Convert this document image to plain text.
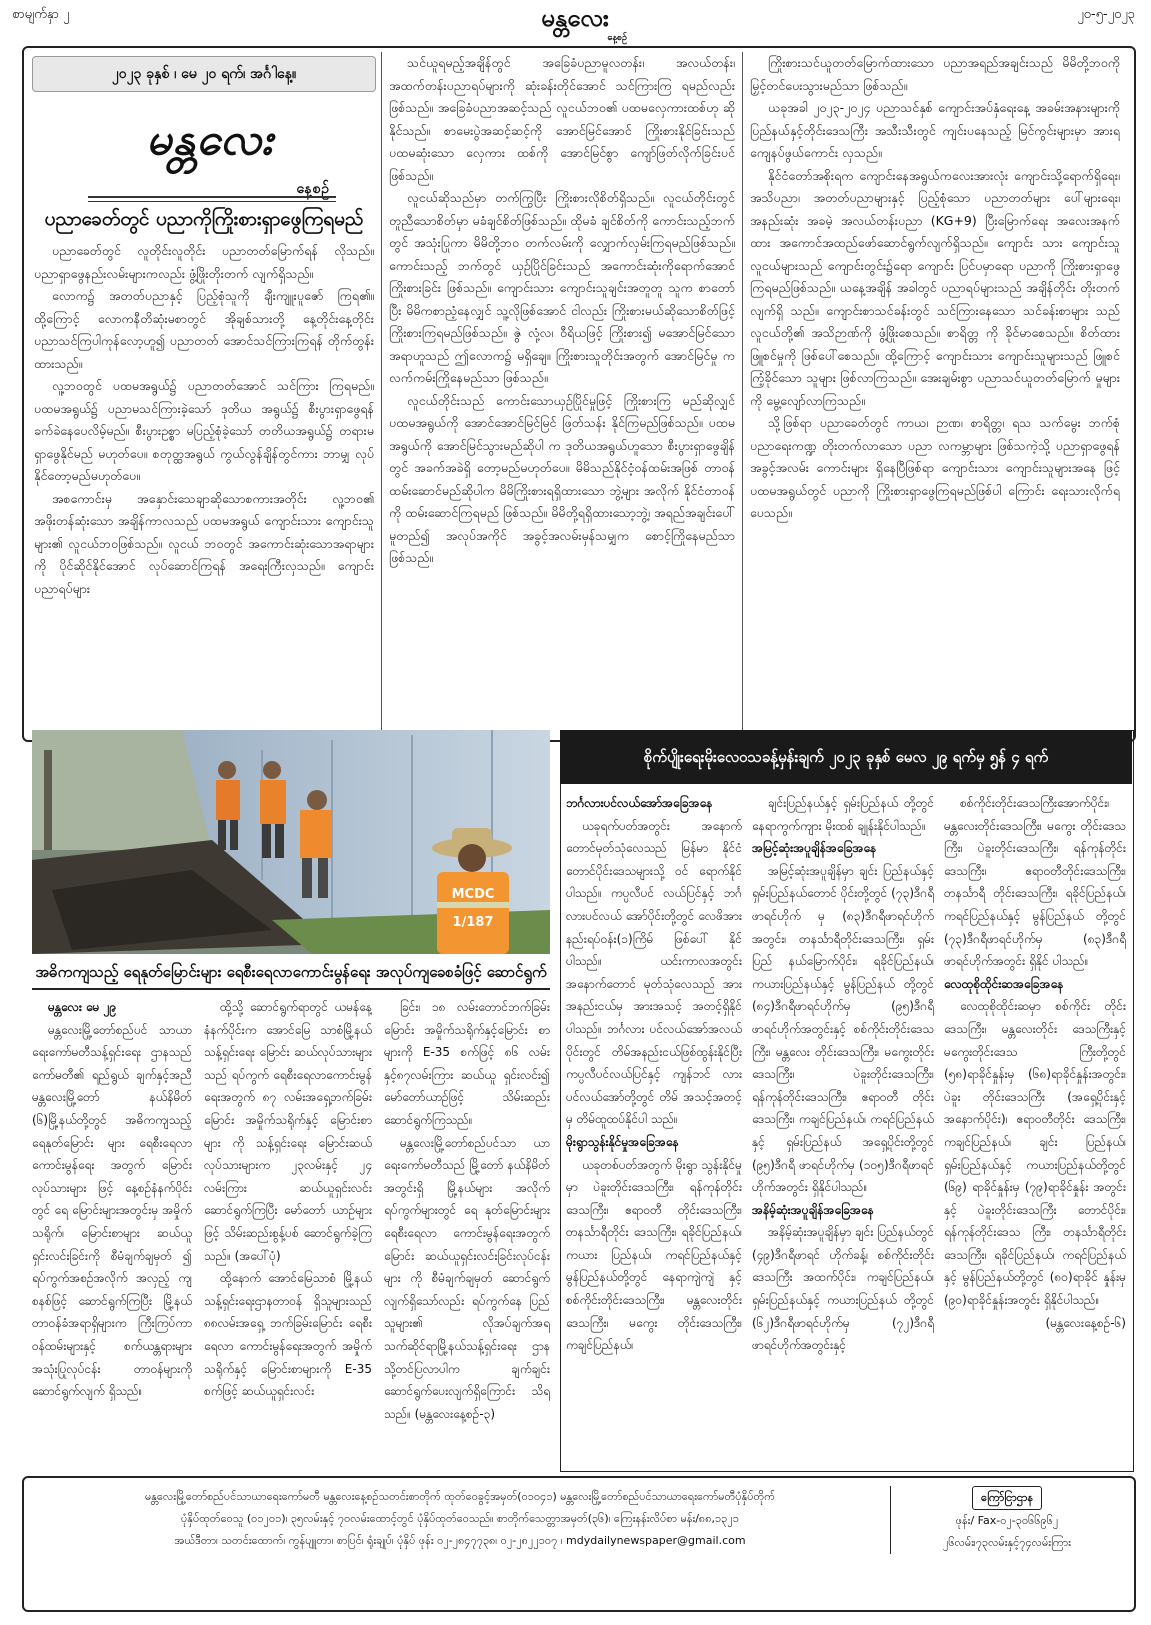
စာမျက်နှာ ၂	မန္တလေး
နေ့စဉ်
၂၀-၅-၂၀၂၃
၂၀၂၃ ခုနှစ် ၊ မေ ၂၀ ရက်၊ အင်္ဂါနေ့။
မန္တလေး
နေ့စဉ်
ပညာခေတ်တွင် ပညာကိုကြိုးစားရှာဖွေကြရမည်

ပညာခေတ်တွင် လူတိုင်းလူတိုင်း ပညာတတ်မြောက်ရန် လိုသည်။ ပညာရှာဖွေနည်းလမ်းများကလည်း ဖွံ့ဖြိုးတိုးတက် လျက်ရှိသည်။

လောက၌ အတတ်ပညာနှင့် ပြည့်စုံသူကို ချီးကျူးပူဇော် ကြရ၏။ ထို့ကြောင့် လောကနီတိဆုံးမစာတွင် အိုချစ်သားတို့ နေ့တိုင်းနေ့တိုင်း ပညာသင်ကြပါကုန်လော့ဟူ၍ ပညာတတ် အောင်သင်ကြားကြရန် တိုက်တွန်းထားသည်။

လူ့ဘဝတွင် ပထမအရွယ်၌ ပညာတတ်အောင် သင်ကြား ကြရမည်။ ပထမအရွယ်၌ ပညာမသင်ကြားခဲ့သော် ဒုတိယ အရွယ်၌ စီးပွားရှာဖွေရန် ခက်ခဲနေပေလိမ့်မည်။ စီးပွားဥစ္စာ မပြည့်စုံခဲ့သော် တတိယအရွယ်၌ တရားမရှာဖွေနိုင်မည် မဟုတ်ပေ။ စတုတ္ထအရွယ် ကွယ်လွန်ချိန်တွင်ကား ဘာမျှ လုပ်နိုင်တော့မည်မဟုတ်ပေ။

အစကောင်းမှ အနှောင်းသေချာဆိုသောစကားအတိုင်း လူ့ဘဝ၏ အဖိုးတန်ဆုံးသော အချိန်ကာလသည် ပထမအရွယ် ကျောင်းသား ကျောင်းသူများ၏ လူငယ်ဘဝဖြစ်သည်။ လူငယ် ဘဝတွင် အကောင်းဆုံးသောအရာများကို ပိုင်ဆိုင်နိုင်အောင် လုပ်ဆောင်ကြရန် အရေးကြီးလှသည်။ ကျောင်းပညာရပ်များ

သင်ယူရမည့်အချိန်တွင် အခြေခံပညာမူလတန်း၊ အလယ်တန်း၊ အထက်တန်းပညာရပ်များကို ဆုံးခန်းတိုင်အောင် သင်ကြားကြ ရမည်လည်းဖြစ်သည်။ အခြေခံပညာအဆင့်သည် လူငယ်ဘဝ၏ ပထမလှေကားထစ်ဟု ဆိုနိုင်သည်။ စာမေးပွဲအဆင့်ဆင့်ကို အောင်မြင်အောင် ကြိုးစားနိုင်ခြင်းသည် ပထမဆုံးသော လှေကား ထစ်ကို အောင်မြင်စွာ ကျော်ဖြတ်လိုက်ခြင်းပင် ဖြစ်သည်။

လူငယ်ဆိုသည်မှာ တက်ကြွပြီး ကြိုးစားလိုစိတ်ရှိသည်။ လူငယ်တိုင်းတွင် တူညီသောစိတ်မှာ မခံချင်စိတ်ဖြစ်သည်။ ထိုမခံ ချင်စိတ်ကို ကောင်းသည့်ဘက်တွင် အသုံးပြုကာ မိမိတို့ဘဝ တက်လမ်းကို လျှောက်လှမ်းကြရမည်ဖြစ်သည်။ ကောင်းသည့် ဘက်တွင် ယှဉ်ပြိုင်ခြင်းသည် အကောင်းဆုံးကိုရောက်အောင် ကြိုးစားခြင်း ဖြစ်သည်။ ကျောင်းသား ကျောင်းသူချင်းအတူတူ သူက စာတော်ပြီး မိမိကစာညံ့နေလျှင် သူ့လိုဖြစ်အောင် ငါလည်း ကြိုးစားမယ်ဆိုသောစိတ်ဖြင့် ကြိုးစားကြရမည်ဖြစ်သည်။ ဇွဲ လုံ့လ၊ ဝီရိယဖြင့် ကြိုးစား၍ မအောင်မြင်သော အရာဟူသည် ဤလောက၌ မရှိချေ။ ကြိုးစားသူတိုင်းအတွက် အောင်မြင်မှု က လက်ကမ်းကြိုနေမည်သာ ဖြစ်သည်။

လူငယ်တိုင်းသည် ကောင်းသောယှဉ်ပြိုင်မှုဖြင့် ကြိုးစားကြ မည်ဆိုလျှင် ပထမအရွယ်ကို အောင်အောင်မြင်မြင် ဖြတ်သန်း နိုင်ကြမည်ဖြစ်သည်။ ပထမအရွယ်ကို အောင်မြင်သွားမည်ဆိုပါ က ဒုတိယအရွယ်ဟူသော စီးပွားရှာဖွေချိန်တွင် အခက်အခဲရှိ တော့မည်မဟုတ်ပေ။ မိမိသည်နိုင်ငံ့ဝန်ထမ်းအဖြစ် တာဝန် ထမ်းဆောင်မည်ဆိုပါက မိမိကြိုးစားရရှိထားသော ဘွဲ့များ အလိုက် နိုင်ငံတာဝန်ကို ထမ်းဆောင်ကြရမည် ဖြစ်သည်။ မိမိတို့ရရှိထားသော့ဘွဲ့၊ အရည်အချင်းပေါ်မူတည်၍ အလုပ်အကိုင် အခွင့်အလမ်းမှန်သမျှက စောင့်ကြိုနေမည်သာ ဖြစ်သည်။

ကြိုးစားသင်ယူတတ်မြောက်ထားသော ပညာအရည်အချင်းသည် မိမိတို့ဘဝကို မြှင့်တင်ပေးသွားမည်သာ ဖြစ်သည်။

ယခုအခါ ၂၀၂၃-၂၀၂၄ ပညာသင်နှစ် ကျောင်းအပ်နှံရေးနေ့ အခမ်းအနားများကို ပြည်နယ်နှင့်တိုင်းဒေသကြီး အသီးသီးတွင် ကျင်းပနေသည့် မြင်ကွင်းများမှာ အားရကျေနပ်ဖွယ်ကောင်း လှသည်။

နိုင်ငံတော်အစိုးရက ကျောင်းနေအရွယ်ကလေးအားလုံး ကျောင်းသို့ရောက်ရှိရေး၊ အသိပညာ၊ အတတ်ပညာများနှင့် ပြည့်စုံသော ပညာတတ်များ ပေါ်များရေး၊ အနည်းဆုံး အခမဲ့ အလယ်တန်းပညာ (KG+9) ပြီးမြောက်ရေး အလေးအနက် ထား အကောင်အထည်ဖော်ဆောင်ရွက်လျက်ရှိသည်။ ကျောင်း သား ကျောင်းသူလူငယ်များသည် ကျောင်းတွင်း၌ရော ကျောင်း ပြင်ပမှာရော ပညာကို ကြိုးစားရှာဖွေကြရမည်ဖြစ်သည်။ ယနေ့အချိန် အခါတွင် ပညာရပ်များသည် အချိန်တိုင်း တိုးတက်လျက်ရှိ သည်။ ကျောင်းစာသင်ခန်းတွင် သင်ကြားနေသော သင်ခန်းစာများ သည် လူငယ်တို့၏ အသိဉာဏ်ကို ဖွံ့ဖြိုးစေသည်။ စာရိတ္တ ကို ခိုင်မာစေသည်။ စိတ်ထားဖြူစင်မှုကို ဖြစ်ပေါ်စေသည်။ ထို့ကြောင့် ကျောင်းသား ကျောင်းသူများသည် ဖြူစင်ကြံ့ခိုင်သော သူများ ဖြစ်လာကြသည်။ အေးချမ်းစွာ ပညာသင်ယူတတ်မြောက် မှုများကို မွေ့လျော်လာကြသည်။

သို့ဖြစ်ရာ ပညာခေတ်တွင် ကာယ၊ ဉာဏ၊ စာရိတ္တ၊ ရသ သက်မွေး ဘက်စုံပညာရေးကဏ္ဍ တိုးတက်လာသော ပညာ လကမ္ဘာများ ဖြစ်သကဲ့သို့ ပညာရှာဖွေရန် အခွင့်အလမ်း ကောင်းများ ရှိနေပြီဖြစ်ရာ ကျောင်းသား ကျောင်းသူများအနေ ဖြင့် ပထမအရွယ်တွင် ပညာကို ကြိုးစားရှာဖွေကြရမည်ဖြစ်ပါ ကြောင်း ရေးသားလိုက်ရပေသည်။

MCDC
1/187
အဓိကကျသည့် ရေနုတ်မြောင်းများ ရေစီးရေလာကောင်းမွန်ရေး အလုပ်ကျခေစခံဖြင့် ဆောင်ရွက်

မန္တလေး မေ ၂၉

မန္တလေးမြို့တော်စည်ပင် သာယာရေးကော်မတီသန့်ရှင်းရေး ဌာနသည် ကော်မတီ၏ ရည်ရွယ် ချက်နှင့်အညီ မန္တလေးမြို့တော် နယ်နိမိတ် (၆)မြို့နယ်တို့တွင် အဓိကကျသည့် ရေနုတ်မြောင်း များ ရေစီးရေလာကောင်းမွန်ရေး အတွက် မြောင်းလုပ်သားများ ဖြင့် နေ့စဉ်နံနက်ပိုင်းတွင် ရေ မြောင်းများအတွင်းမှ အမှိုက် သရိုက်၊ မြောင်းစာများ ဆယ်ယူ ရှင်းလင်းခြင်းကို စီမံချက်ချမှတ် ၍ ရပ်ကွက်အစဉ်အလိုက် အလှည့် ကျစနစ်ဖြင့် ဆောင်ရွက်ကြပြီး မြို့နယ်တာဝန်ခံအရာရှိများက ကြီးကြပ်ကာ ဝန်ထမ်းများနှင့် စက်ယန္တရားများအသုံးပြုလုပ်ငန်း တာဝန်များကို ဆောင်ရွက်လျက် ရှိသည်။

ထို့သို့ ဆောင်ရွက်ရာတွင် ယမန်နေ့ နံနက်ပိုင်းက အောင်မြေ သာစံမြို့နယ်သန့်ရှင်းရေး မြောင်း ဆယ်လုပ်သားများသည် ရပ်ကွက် ရေစီးရေလာကောင်းမွန်ရေးအတွက် ၈၇ လမ်းအရှေ့ဘက်ခြမ်းမြောင်း အမှိုက်သရိုက်နှင့် မြောင်းစာများ ကို သန့်ရှင်းရေး မြောင်းဆယ် လုပ်သားများက ၂၃လမ်းနှင့် ၂၄ လမ်းကြား ဆယ်ယူရှင်းလင်း ဆောင်ရွက်ကြပြီး မော်တော် ယာဉ်များဖြင့် သိမ်းဆည်းစွန့်ပစ် ဆောင်ရွက်ခဲ့ကြသည်။ (အပေါ်ပုံ)

ထို့နောက် အောင်မြေသာစံ မြို့နယ် သန့်ရှင်းရေးဌာနတာဝန် ရှိသူများသည် ၈၈လမ်းအရှေ့ ဘက်ခြမ်းမြောင်း ရေစီးရေလာ ကောင်းမွန်ရေးအတွက် အမှိုက် သရိုက်နှင့် မြောင်းစာများကို E-35 စက်ဖြင့် ဆယ်ယူရှင်းလင်း

ခြင်း၊ ၁၈ လမ်းတောင်ဘက်ခြမ်း မြောင်း အမှိုက်သရိုက်နှင့်မြောင်း စာများကို E-35 စက်ဖြင့် ၈၆ လမ်းနှင့်၈၇လမ်းကြား ဆယ်ယူ ရှင်းလင်း၍ မော်တော်ယာဉ်ဖြင့် သိမ်းဆည်းဆောင်ရွက်ကြသည်။

မန္တလေးမြို့တော်စည်ပင်သာ ယာရေးကော်မတီသည် မြို့တော် နယ်နိမိတ်အတွင်းရှိ မြို့နယ်များ အလိုက် ရပ်ကွက်များတွင် ရေ နုတ်မြောင်းများ ရေစီးရေလာ ကောင်းမွန်ရေးအတွက် မြောင်း ဆယ်ယူရှင်းလင်းခြင်းလုပ်ငန်းများ ကို စီမံချက်ချမှတ် ဆောင်ရွက် လျက်ရှိသော်လည်း ရပ်ကွက်နေ ပြည်သူများ၏ လိုအပ်ချက်အရ သက်ဆိုင်ရာမြို့နယ်သန့်ရှင်းရေး ဌာနသို့တင်ပြလာပါက ချက်ချင်း ဆောင်ရွက်ပေးလျက်ရှိကြောင်း သိရသည်။ (မန္တလေးနေ့စဉ်-၃)

စိုက်ပျိုးရေးမိုးလေဝသခန့်မှန်းချက် ၂၀၂၃ ခုနှစ် မေလ ၂၉ ရက်မှ ၅ွန် ၄ ရက်

ဘင်္ဂလားပင်လယ်အော်အခြေအနေ

ယခုရက်ပတ်အတွင်း အနောက် တောင်မုတ်သုံလေသည် မြန်မာ နိုင်ငံတောင်ပိုင်းဒေသများသို့ ဝင် ရောက်နိုင်ပါသည်။ ကပ္ပလီပင် လယ်ပြင်နှင့် ဘင်္ဂလားပင်လယ် အော်ပိုင်းတို့တွင် လေဖိအား နည်းရပ်ဝန်း(၁)ကြိမ် ဖြစ်ပေါ် နိုင်ပါသည်။ ယင်းကာလအတွင်း အနောက်တောင် မုတ်သုံလေသည် အားအနည်းငယ်မှ အားအသင့် အတင့်ရှိနိုင်ပါသည်။ ဘင်္ဂလား ပင်လယ်အော်အလယ်ပိုင်းတွင် တိမ်အနည်းငယ်ဖြစ်ထွန်းနိုင်ပြီး ကပ္ပလီပင်လယ်ပြင်နှင့် ကျန်ဘင် လားပင်လယ်အော်တို့တွင် တိမ် အသင့်အတင့်မှ တိမ်ထူထပ်နိုင်ပါ သည်။

မိုးရွာသွန်းနိုင်မှုအခြေအနေ

ယခုတစ်ပတ်အတွက် မိုးရွာ သွန်းနိုင်မှုမှာ ပဲခူးတိုင်းဒေသကြီး၊ ရန်ကုန်တိုင်းဒေသကြီး၊ ဧရာဝတီ တိုင်းဒေသကြီး၊ တနင်္သာရီတိုင်း ဒေသကြီး၊ ရခိုင်ပြည်နယ်၊ ကယား ပြည်နယ်၊ ကရင်ပြည်နယ်နှင့် မွန်ပြည်နယ်တို့တွင် နေရာကျဲကျဲ နှင့် စစ်ကိုင်းတိုင်းဒေသကြီး၊ မန္တလေးတိုင်းဒေသကြီး၊ မကွေး တိုင်းဒေသကြီး၊ ကချင်ပြည်နယ်၊

ချင်းပြည်နယ်နှင့် ရှမ်းပြည်နယ် တို့တွင် နေရာကွက်ကျား မိုးထစ် ချုန်းနိုင်ပါသည်။

အမြင့်ဆုံးအပူချိန်အခြေအနေ

အမြင့်ဆုံးအပူချိန်မှာ ချင်း ပြည်နယ်နှင့် ရှမ်းပြည်နယ်တောင် ပိုင်းတို့တွင် (၇၃)ဒီဂရီဖာရင်ဟိုက် မှ (၈၃)ဒီဂရီဖာရင်ဟိုက်အတွင်း၊ တနင်္သာရီတိုင်းဒေသကြီး၊ ရှမ်းပြည် နယ်မြောက်ပိုင်း၊ ရခိုင်ပြည်နယ်၊ ကယားပြည်နယ်နှင့် မွန်ပြည်နယ် တို့တွင် (၈၄)ဒီဂရီဖာရင်ဟိုက်မှ (၉၅)ဒီဂရီဖာရင်ဟိုက်အတွင်းနှင့် စစ်ကိုင်းတိုင်းဒေသကြီး၊ မန္တလေး တိုင်းဒေသကြီး၊ မကွေးတိုင်း ဒေသကြီး၊ ပဲခူးတိုင်းဒေသကြီး၊ ရန်ကုန်တိုင်းဒေသကြီး၊ ဧရာဝတီ တိုင်းဒေသကြီး၊ ကချင်ပြည်နယ်၊ ကရင်ပြည်နယ်နှင့် ရှမ်းပြည်နယ် အရှေ့ပိုင်းတို့တွင် (၉၅)ဒီဂရီ ဖာရင်ဟိုက်မှ (၁၀၅)ဒီဂရီဖာရင် ဟိုက်အတွင်း ရှိနိုင်ပါသည်။

အနိမ့်ဆုံးအပူချိန်အခြေအနေ

အနိမ့်ဆုံးအပူချိန်မှာ ချင်း ပြည်နယ်တွင် (၄၉)ဒီဂရီဖာရင် ဟိုက်ခန့်၊ စစ်ကိုင်းတိုင်းဒေသကြီး အထက်ပိုင်း၊ ကချင်ပြည်နယ်၊ ရှမ်းပြည်နယ်နှင့် ကယားပြည်နယ် တို့တွင် (၆၂)ဒီဂရီဖာရင်ဟိုက်မှ (၇၂)ဒီဂရီဖာရင်ဟိုက်အတွင်းနှင့်

စစ်ကိုင်းတိုင်းဒေသကြီးအောက်ပိုင်း၊ မန္တလေးတိုင်းဒေသကြီး၊ မကွေး တိုင်းဒေသကြီး၊ ပဲခူးတိုင်းဒေသကြီး၊ ရန်ကုန်တိုင်းဒေသကြီး၊ ဧရာဝတီတိုင်းဒေသကြီး၊ တနင်္သာရီ တိုင်းဒေသကြီး၊ ရခိုင်ပြည်နယ်၊ ကရင်ပြည်နယ်နှင့် မွန်ပြည်နယ် တို့တွင် (၇၃)ဒီဂရီဖာရင်ဟိုက်မှ (၈၃)ဒီဂရီဖာရင်ဟိုက်အတွင်း ရှိနိုင် ပါသည်။

လေထုစိုထိုင်းဆအခြေအနေ

လေထုစိုထိုင်းဆမှာ စစ်ကိုင်း တိုင်းဒေသကြီး၊ မန္တလေးတိုင်း ဒေသကြီးနှင့် မကွေးတိုင်းဒေသ ကြီးတို့တွင် (၅၈)ရာခိုင်နှုန်းမှ (၆၈)ရာခိုင်နှုန်းအတွင်း၊ ပဲခူး တိုင်းဒေသကြီး (အရှေ့ပိုင်းနှင့် အနောက်ပိုင်း)၊ ဧရာဝတီတိုင်း ဒေသကြီး၊ ကချင်ပြည်နယ်၊ ချင်း ပြည်နယ်၊ ရှမ်းပြည်နယ်နှင့် ကယားပြည်နယ်တို့တွင် (၆၉) ရာခိုင်နှုန်းမှ (၇၉)ရာခိုင်နှုန်း အတွင်းနှင့် ပဲခူးတိုင်းဒေသကြီး တောင်ပိုင်း၊ ရန်ကုန်တိုင်းဒေသ ကြီး၊ တနင်္သာရီတိုင်းဒေသကြီး၊ ရခိုင်ပြည်နယ်၊ ကရင်ပြည်နယ်နှင့် မွန်ပြည်နယ်တို့တွင် (၈၀)ရာခိုင် နှုန်းမှ (၉၀)ရာခိုင်နှုန်းအတွင်း ရှိနိုင်ပါသည်။

(မန္တလေးနေ့စဉ်-၆)

မန္တလေးမြို့တော်စည်ပင်သာယာရေးကော်မတီ မန္တလေးနေ့စဉ်သတင်းစာတိုက် ထုတ်ဝေခွင့်အမှတ်(၀၁၀၄၁) မန္တလေးမြို့တော်စည်ပင်သာယာရေးကော်မတီပုံနှိပ်တိုက်
ပုံနှိပ်ထုတ်ဝေသူ (၀၁၂၀၁)၊ ၃၅လမ်းနှင့် ၇၀လမ်းထောင့်တွင် ပုံနှိပ်ထုတ်ဝေသည်။ စာတိုက်သေတ္တာအမှတ်(၃၆)၊ ကြေးနန်းလိပ်စာ မန်း/၈၈,၁၃၂၁
အယ်ဒီတာ၊ သတင်းထောက်၊ ကွန်ပျူတာ၊ စာပြင်၊ ရုံးချုပ်၊ ပုံနှိပ် ဖုန်း ၀၂-၂၈၄၇၇၃၈၊ ၀၂-၂၈၂၂၁၀၇ ၊ mdydailynewspaper@gmail.com
ကြော်ငြာဌာန
ဖုန်း/ Fax-၀၂-၃၀၆၆၉၆၂
၂၆လမ်း၊၇၃လမ်းနှင့်၇၄လမ်းကြား
